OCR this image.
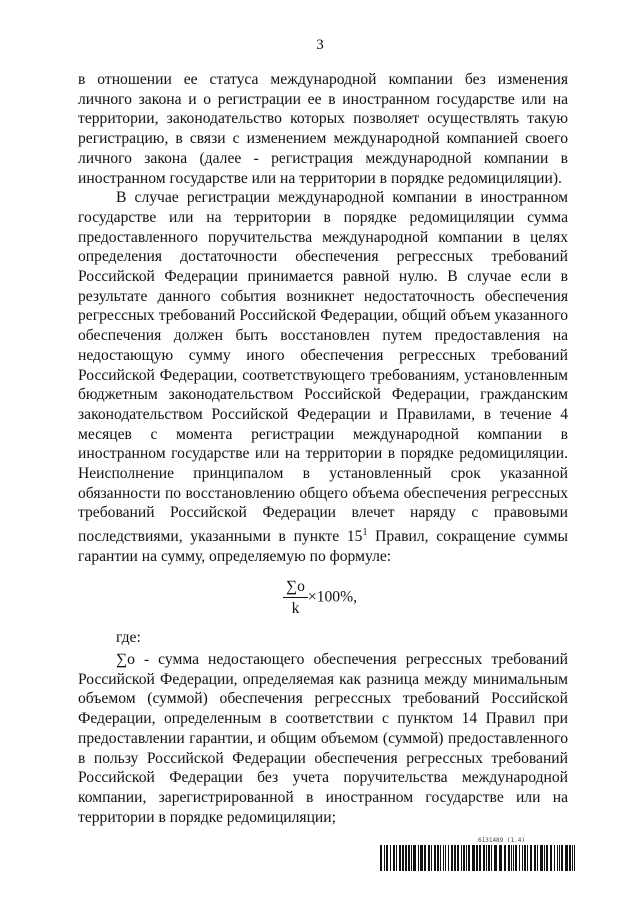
3

в отношении ее статуса международной компании без изменения личного закона и о регистрации ее в иностранном государстве или на территории, законодательство которых позволяет осуществлять такую регистрацию, в связи с изменением международной компанией своего личного закона (далее - регистрация международной компании в иностранном государстве или на территории в порядке редомициляции).

В случае регистрации международной компании в иностранном государстве или на территории в порядке редомициляции сумма предоставленного поручительства международной компании в целях определения достаточности обеспечения регрессных требований Российской Федерации принимается равной нулю. В случае если в результате данного события возникнет недостаточность обеспечения регрессных требований Российской Федерации, общий объем указанного обеспечения должен быть восстановлен путем предоставления на недостающую сумму иного обеспечения регрессных требований Российской Федерации, соответствующего требованиям, установленным бюджетным законодательством Российской Федерации, гражданским законодательством Российской Федерации и Правилами, в течение 4 месяцев с момента регистрации международной компании в иностранном государстве или на территории в порядке редомициляции. Неисполнение принципалом в установленный срок указанной обязанности по восстановлению общего объема обеспечения регрессных требований Российской Федерации влечет наряду с правовыми последствиями, указанными в пункте $15^1$ Правил, сокращение суммы гарантии на сумму, определяемую по формуле:

$\frac{\sum o}{k} \times 100\%$,
где:

∑o - сумма недостающего обеспечения регрессных требований Российской Федерации, определяемая как разница между минимальным объемом (суммой) обеспечения регрессных требований Российской Федерации, определенным в соответствии с пунктом 14 Правил при предоставлении гарантии, и общим объемом (суммой) предоставленного в пользу Российской Федерации обеспечения регрессных требований Российской Федерации без учета поручительства международной компании, зарегистрированной в иностранном государстве или на территории в порядке редомициляции;

6131489 (1.4)
